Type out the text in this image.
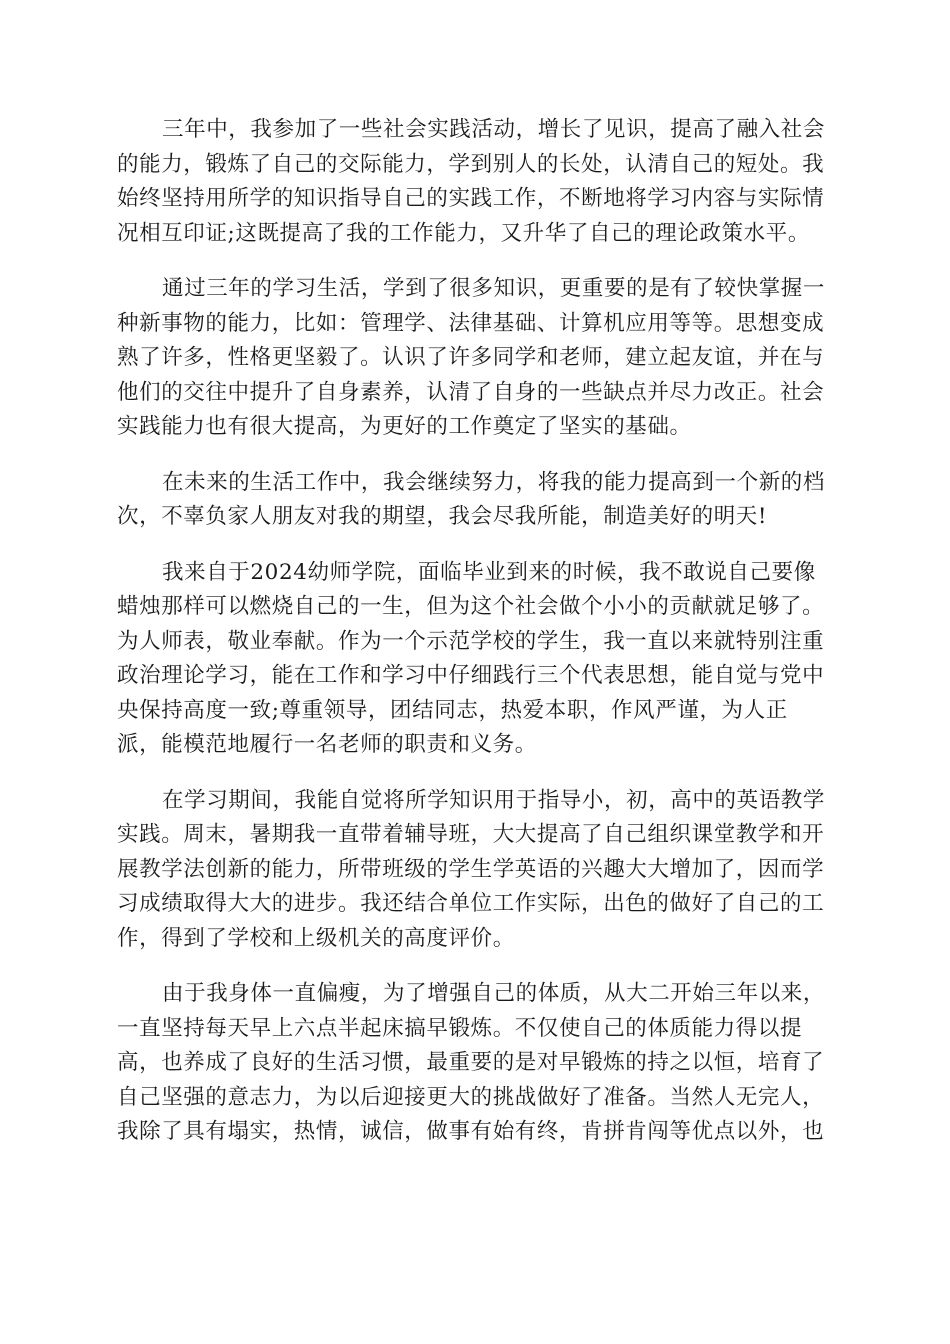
三年中，我参加了一些社会实践活动，增长了见识，提高了融入社会
的能力，锻炼了自己的交际能力，学到别人的长处，认清自己的短处。我
始终坚持用所学的知识指导自己的实践工作，不断地将学习内容与实际情
况相互印证;这既提高了我的工作能力，又升华了自己的理论政策水平。

通过三年的学习生活，学到了很多知识，更重要的是有了较快掌握一
种新事物的能力，比如：管理学、法律基础、计算机应用等等。思想变成
熟了许多，性格更坚毅了。认识了许多同学和老师，建立起友谊，并在与
他们的交往中提升了自身素养，认清了自身的一些缺点并尽力改正。社会
实践能力也有很大提高，为更好的工作奠定了坚实的基础。

在未来的生活工作中，我会继续努力，将我的能力提高到一个新的档
次，不辜负家人朋友对我的期望，我会尽我所能，制造美好的明天!

我来自于2024幼师学院，面临毕业到来的时候，我不敢说自己要像
蜡烛那样可以燃烧自己的一生，但为这个社会做个小小的贡献就足够了。
为人师表，敬业奉献。作为一个示范学校的学生，我一直以来就特别注重
政治理论学习，能在工作和学习中仔细践行三个代表思想，能自觉与党中
央保持高度一致;尊重领导，团结同志，热爱本职，作风严谨，为人正
派，能模范地履行一名老师的职责和义务。

在学习期间，我能自觉将所学知识用于指导小，初，高中的英语教学
实践。周末，暑期我一直带着辅导班，大大提高了自己组织课堂教学和开
展教学法创新的能力，所带班级的学生学英语的兴趣大大增加了，因而学
习成绩取得大大的进步。我还结合单位工作实际，出色的做好了自己的工
作，得到了学校和上级机关的高度评价。

由于我身体一直偏瘦，为了增强自己的体质，从大二开始三年以来，
一直坚持每天早上六点半起床搞早锻炼。不仅使自己的体质能力得以提
高，也养成了良好的生活习惯，最重要的是对早锻炼的持之以恒，培育了
自己坚强的意志力，为以后迎接更大的挑战做好了准备。当然人无完人，
我除了具有塌实，热情，诚信，做事有始有终，肯拼肯闯等优点以外，也
